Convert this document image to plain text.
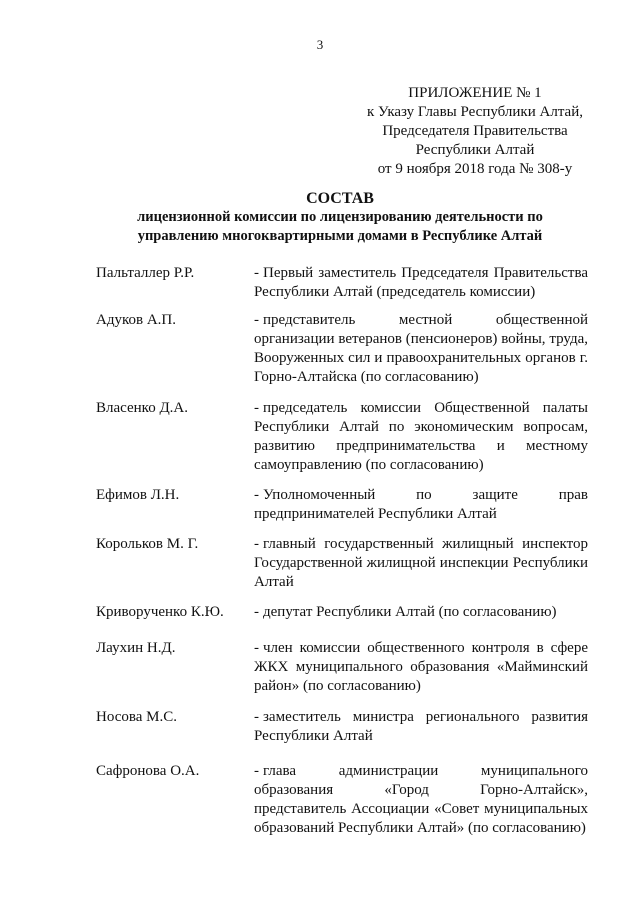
3
ПРИЛОЖЕНИЕ № 1
к Указу Главы Республики Алтай,
Председателя Правительства
Республики Алтай
от 9 ноября 2018 года № 308-у
СОСТАВ
лицензионной комиссии по лицензированию деятельности по
управлению многоквартирными домами в Республике Алтай
Пальталлер Р.Р.	- Первый заместитель Председателя Правительства Республики Алтай (председатель комиссии)
Адуков А.П.	- представитель местной общественной организации ветеранов (пенсионеров) войны, труда, Вооруженных сил и правоохранительных органов г. Горно-Алтайска (по согласованию)
Власенко Д.А.	- председатель комиссии Общественной палаты Республики Алтай по экономическим вопросам, развитию предпринимательства и местному самоуправлению (по согласованию)
Ефимов Л.Н.	- Уполномоченный по защите прав предпринимателей Республики Алтай
Корольков М. Г.	- главный государственный жилищный инспектор Государственной жилищной инспекции Республики Алтай
Криворученко К.Ю.	- депутат Республики Алтай (по согласованию)
Лаухин Н.Д.	- член комиссии общественного контроля в сфере ЖКХ муниципального образования «Майминский район» (по согласованию)
Носова М.С.	- заместитель министра регионального развития Республики Алтай
Сафронова О.А.	- глава администрации муниципального образования «Город Горно-Алтайск», представитель Ассоциации «Совет муниципальных образований Республики Алтай» (по согласованию)
